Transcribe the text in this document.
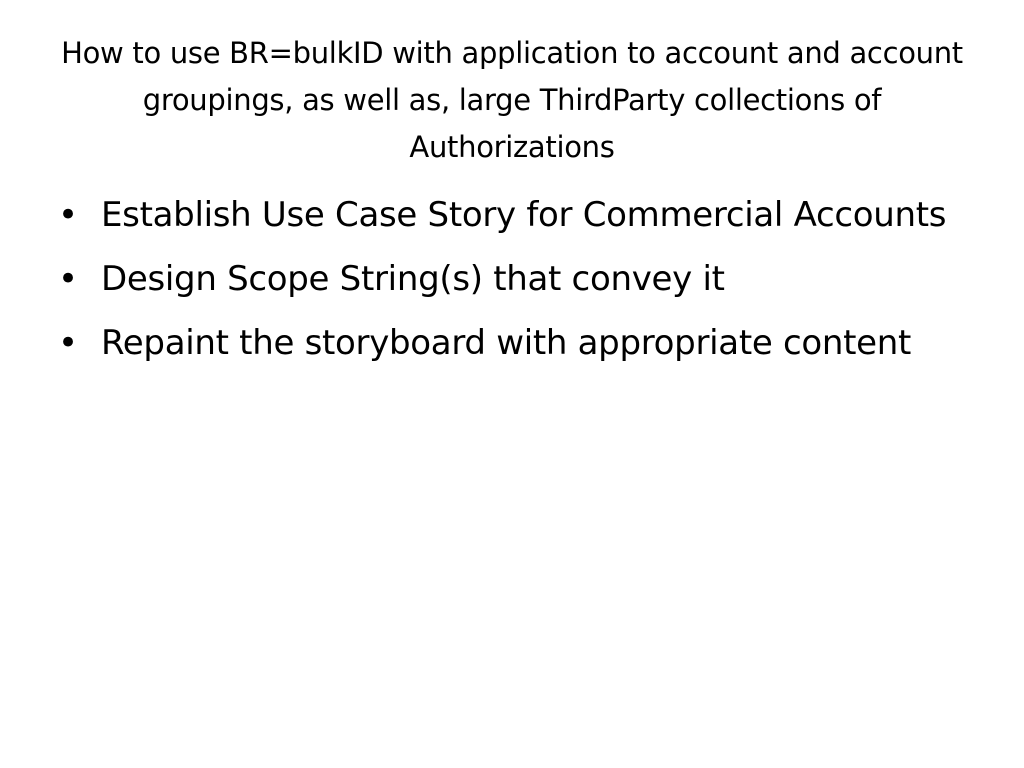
How to use BR=bulkID with application to account and account groupings, as well as, large ThirdParty collections of Authorizations
• Establish Use Case Story for Commercial Accounts
• Design Scope String(s) that convey it
• Repaint the storyboard with appropriate content
